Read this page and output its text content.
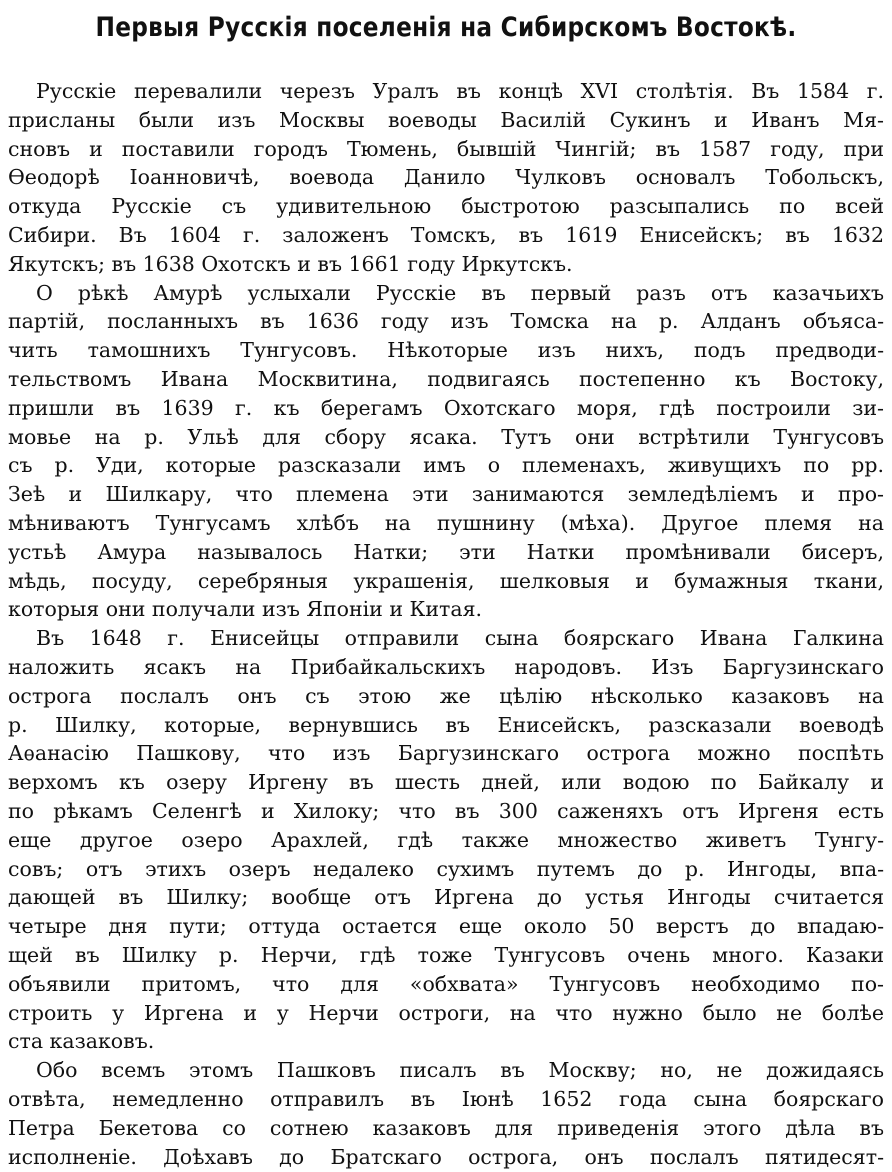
Первыя Русскія поселенія на Сибирскомъ Востокѣ.
Русскіе перевалили черезъ Уралъ въ концѣ XVI столѣтія. Въ 1584 г.
присланы были изъ Москвы воеводы Василій Сукинъ и Иванъ Мя-
сновъ и поставили городъ Тюмень, бывшій Чингій; въ 1587 году, при
Ѳеодорѣ Іоанновичѣ, воевода Данило Чулковъ основалъ Тобольскъ,
откуда Русскіе съ удивительною быстротою разсыпались по всей
Сибири. Въ 1604 г. заложенъ Томскъ, въ 1619 Енисейскъ; въ 1632
Якутскъ; въ 1638 Охотскъ и въ 1661 году Иркутскъ.
О рѣкѣ Амурѣ услыхали Русскіе въ первый разъ отъ казачьихъ
партій, посланныхъ въ 1636 году изъ Томска на р. Алданъ объяса-
чить тамошнихъ Тунгусовъ. Нѣкоторые изъ нихъ, подъ предводи-
тельствомъ Ивана Москвитина, подвигаясь постепенно къ Востоку,
пришли въ 1639 г. къ берегамъ Охотскаго моря, гдѣ построили зи-
мовье на р. Ульѣ для сбору ясака. Тутъ они встрѣтили Тунгусовъ
съ р. Уди, которые разсказали имъ о племенахъ, живущихъ по рр.
Зеѣ и Шилкару, что племена эти занимаются земледѣліемъ и про-
мѣниваютъ Тунгусамъ хлѣбъ на пушнину (мѣха). Другое племя на
устьѣ Амура называлось Натки; эти Натки промѣнивали бисеръ,
мѣдь, посуду, серебряныя украшенія, шелковыя и бумажныя ткани,
которыя они получали изъ Японіи и Китая.
Въ 1648 г. Енисейцы отправили сына боярскаго Ивана Галкина
наложить ясакъ на Прибайкальскихъ народовъ. Изъ Баргузинскаго
острога послалъ онъ съ этою же цѣлію нѣсколько казаковъ на
р. Шилку, которые, вернувшись въ Енисейскъ, разсказали воеводѣ
Аѳанасію Пашкову, что изъ Баргузинскаго острога можно поспѣть
верхомъ къ озеру Иргену въ шесть дней, или водою по Байкалу и
по рѣкамъ Селенгѣ и Хилоку; что въ 300 саженяхъ отъ Иргеня есть
еще другое озеро Арахлей, гдѣ также множество живетъ Тунгу-
совъ; отъ этихъ озеръ недалеко сухимъ путемъ до р. Ингоды, впа-
дающей въ Шилку; вообще отъ Иргена до устья Ингоды считается
четыре дня пути; оттуда остается еще около 50 верстъ до впадаю-
щей въ Шилку р. Нерчи, гдѣ тоже Тунгусовъ очень много. Казаки
объявили притомъ, что для «обхвата» Тунгусовъ необходимо по-
строить у Иргена и у Нерчи остроги, на что нужно было не болѣе
ста казаковъ.
Обо всемъ этомъ Пашковъ писалъ въ Москву; но, не дожидаясь
отвѣта, немедленно отправилъ въ Іюнѣ 1652 года сына боярскаго
Петра Бекетова со сотнею казаковъ для приведенія этого дѣла въ
исполненіе. Доѣхавъ до Братскаго острога, онъ послалъ пятидесят-
